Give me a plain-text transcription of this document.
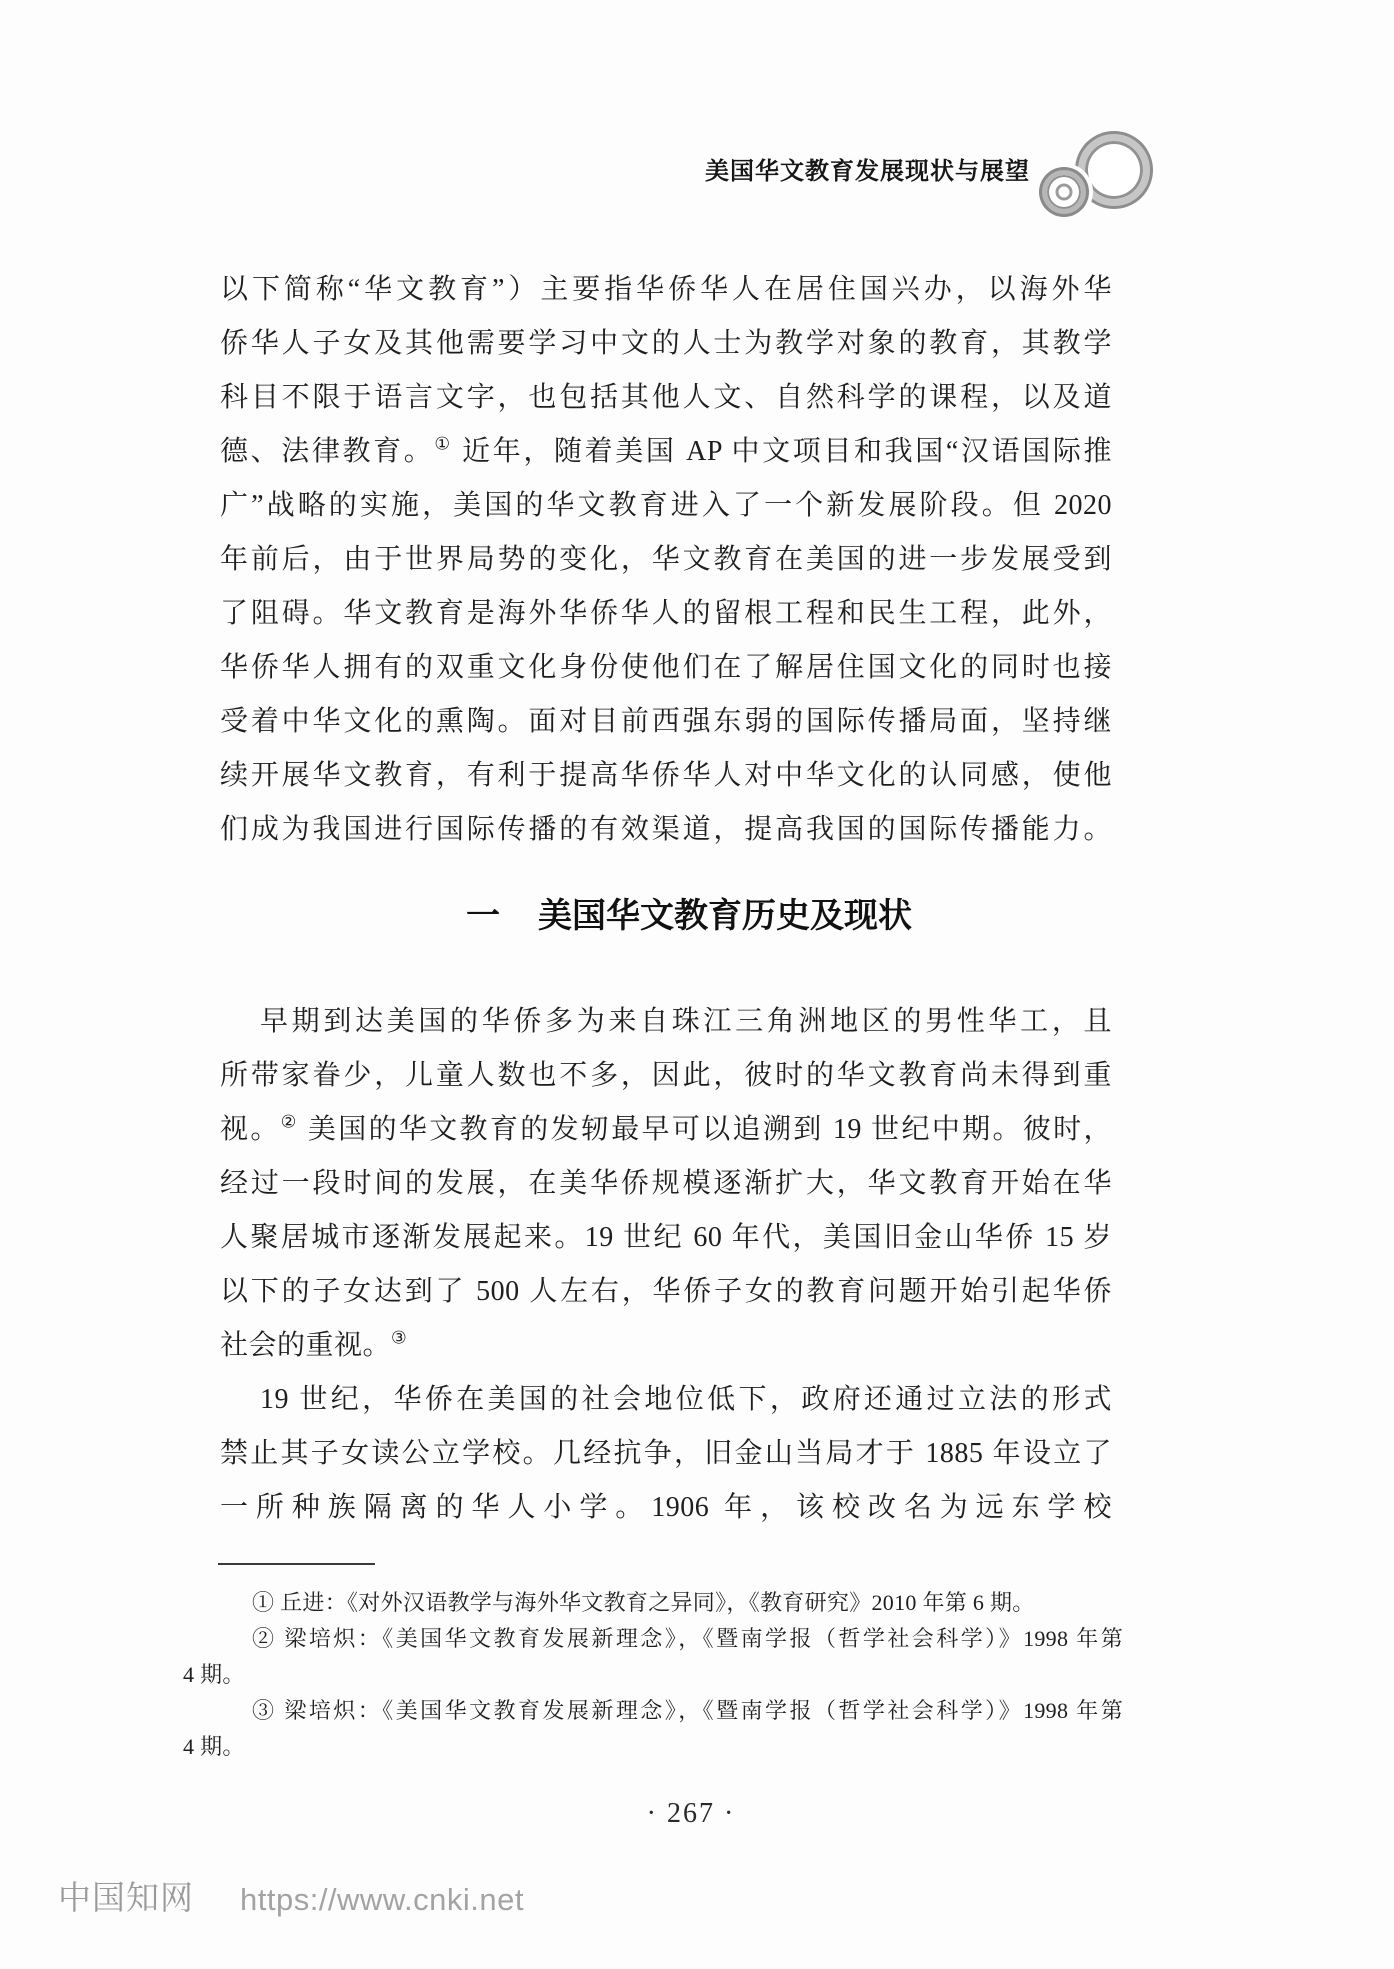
美国华文教育发展现状与展望
以下简称“华文教育”）主要指华侨华人在居住国兴办，以海外华
侨华人子女及其他需要学习中文的人士为教学对象的教育，其教学
科目不限于语言文字，也包括其他人文、自然科学的课程，以及道
德、法律教育。① 近年，随着美国 AP 中文项目和我国“汉语国际推
广”战略的实施，美国的华文教育进入了一个新发展阶段。但 2020
年前后，由于世界局势的变化，华文教育在美国的进一步发展受到
了阻碍。华文教育是海外华侨华人的留根工程和民生工程，此外，
华侨华人拥有的双重文化身份使他们在了解居住国文化的同时也接
受着中华文化的熏陶。面对目前西强东弱的国际传播局面，坚持继
续开展华文教育，有利于提高华侨华人对中华文化的认同感，使他
们成为我国进行国际传播的有效渠道，提高我国的国际传播能力。
一 美国华文教育历史及现状
早期到达美国的华侨多为来自珠江三角洲地区的男性华工，且
所带家眷少，儿童人数也不多，因此，彼时的华文教育尚未得到重
视。② 美国的华文教育的发轫最早可以追溯到 19 世纪中期。彼时，
经过一段时间的发展，在美华侨规模逐渐扩大，华文教育开始在华
人聚居城市逐渐发展起来。19 世纪 60 年代，美国旧金山华侨 15 岁
以下的子女达到了 500 人左右，华侨子女的教育问题开始引起华侨
社会的重视。③
19 世纪，华侨在美国的社会地位低下，政府还通过立法的形式
禁止其子女读公立学校。几经抗争，旧金山当局才于 1885 年设立了
一所种族隔离的华人小学。1906 年，该校改名为远东学校
① 丘进：《对外汉语教学与海外华文教育之异同》，《教育研究》2010 年第 6 期。
② 梁培炽：《美国华文教育发展新理念》，《暨南学报（哲学社会科学）》1998 年第
4 期。
③ 梁培炽：《美国华文教育发展新理念》，《暨南学报（哲学社会科学）》1998 年第
4 期。
· 267 ·
中国知网 https://www.cnki.net
